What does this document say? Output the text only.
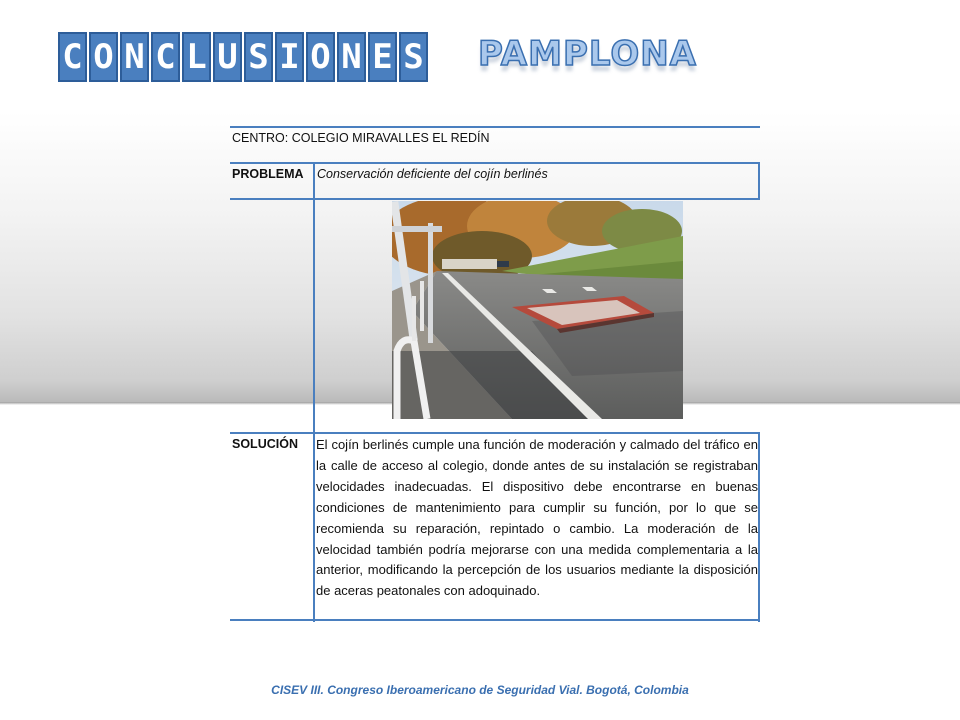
C O N C L U S I O N E S PAMPLONA
CENTRO: COLEGIO MIRAVALLES EL REDÍN
PROBLEMA Conservación deficiente del cojín berlinés
SOLUCIÓN El cojín berlinés cumple una función de moderación y calmado del tráfico en la calle de acceso al colegio, donde antes de su instalación se registraban velocidades inadecuadas. El dispositivo debe encontrarse en buenas condiciones de mantenimiento para cumplir su función, por lo que se recomienda su reparación, repintado o cambio. La moderación de la velocidad también podría mejorarse con una medida complementaria a la anterior, modificando la percepción de los usuarios mediante la disposición de aceras peatonales con adoquinado.
CISEV III. Congreso Iberoamericano de Seguridad Vial. Bogotá, Colombia
